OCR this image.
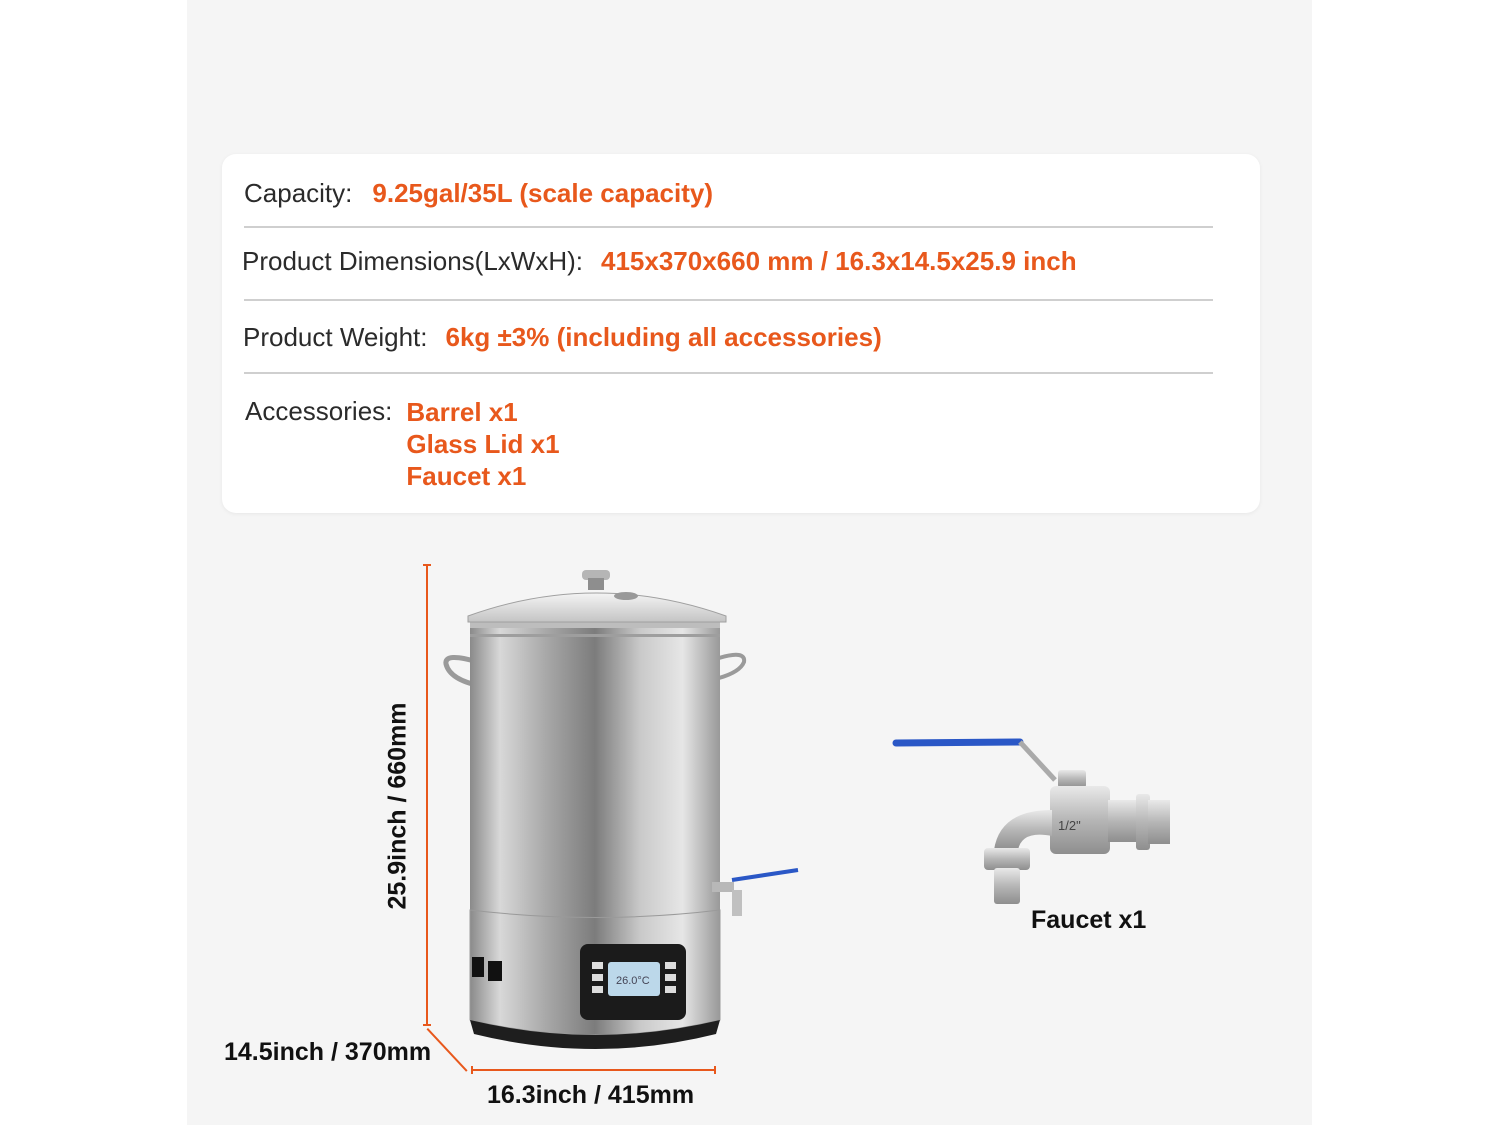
Capacity: 9.25gal/35L (scale capacity)
Product Dimensions(LxWxH): 415x370x660 mm / 16.3x14.5x25.9 inch
Product Weight: 6kg ±3% (including all accessories)
Accessories: Barrel x1
Glass Lid x1
Faucet x1
26.0°C
1/2"
25.9inch / 660mm
14.5inch / 370mm
16.3inch / 415mm
Faucet x1
